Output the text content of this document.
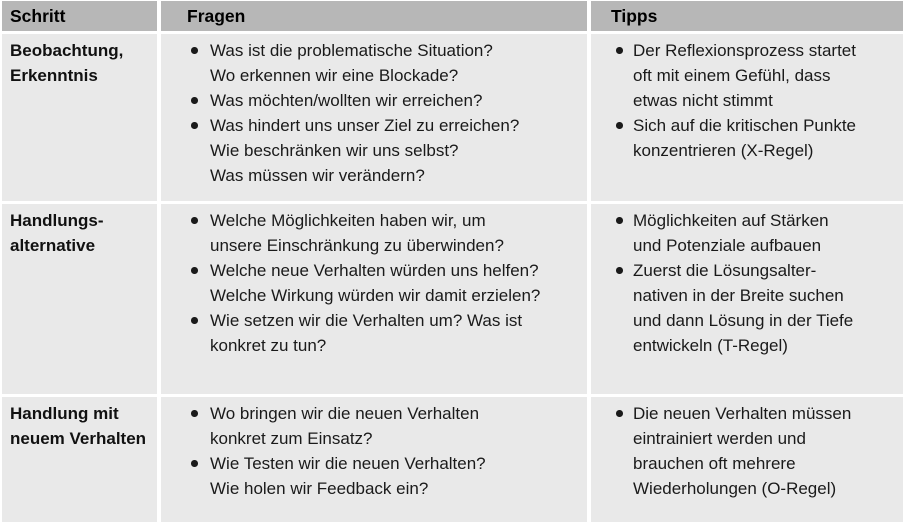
Schritt	Fragen	Tipps
Beobachtung,
Erkenntnis
Was ist die problematische Situation?
Wo erkennen wir eine Blockade?
Was möchten/wollten wir erreichen?
Was hindert uns unser Ziel zu erreichen?
Wie beschränken wir uns selbst?
Was müssen wir verändern?
Der Reflexionsprozess startet
oft mit einem Gefühl, dass
etwas nicht stimmt
Sich auf die kritischen Punkte
konzentrieren (X-Regel)
Handlungs-
alternative
Welche Möglichkeiten haben wir, um
unsere Einschränkung zu überwinden?
Welche neue Verhalten würden uns helfen?
Welche Wirkung würden wir damit erzielen?
Wie setzen wir die Verhalten um? Was ist
konkret zu tun?
Möglichkeiten auf Stärken
und Potenziale aufbauen
Zuerst die Lösungsalter-
nativen in der Breite suchen
und dann Lösung in der Tiefe
entwickeln (T-Regel)
Handlung mit
neuem Verhalten
Wo bringen wir die neuen Verhalten
konkret zum Einsatz?
Wie Testen wir die neuen Verhalten?
Wie holen wir Feedback ein?
Die neuen Verhalten müssen
eintrainiert werden und
brauchen oft mehrere
Wiederholungen (O-Regel)
